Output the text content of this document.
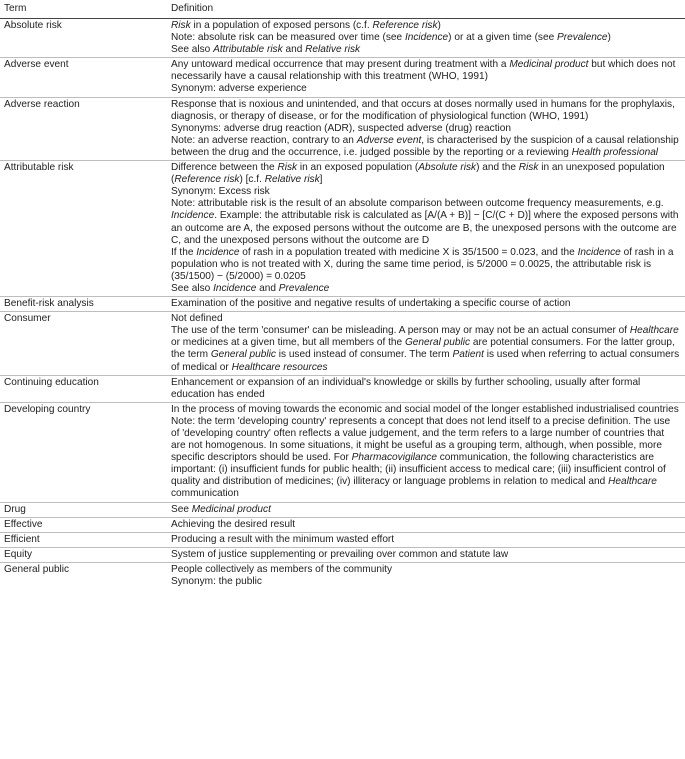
Term	Definition
Absolute risk	Risk in a population of exposed persons (c.f. Reference risk)
Note: absolute risk can be measured over time (see Incidence) or at a given time (see Prevalence)
See also Attributable risk and Relative risk

Adverse event	Any untoward medical occurrence that may present during treatment with a Medicinal product but which does not necessarily have a causal relationship with this treatment (WHO, 1991)
Synonym: adverse experience

Adverse reaction	Response that is noxious and unintended, and that occurs at doses normally used in humans for the prophylaxis, diagnosis, or therapy of disease, or for the modification of physiological function (WHO, 1991)
Synonyms: adverse drug reaction (ADR), suspected adverse (drug) reaction
Note: an adverse reaction, contrary to an Adverse event, is characterised by the suspicion of a causal relationship between the drug and the occurrence, i.e. judged possible by the reporting or a reviewing Health professional

Attributable risk	Difference between the Risk in an exposed population (Absolute risk) and the Risk in an unexposed population (Reference risk) [c.f. Relative risk]
Synonym: Excess risk
Note: attributable risk is the result of an absolute comparison between outcome frequency measurements, e.g. Incidence. Example: the attributable risk is calculated as [A/(A + B)] − [C/(C + D)] where the exposed persons with an outcome are A, the exposed persons without the outcome are B, the unexposed persons with the outcome are C, and the unexposed persons without the outcome are D
If the Incidence of rash in a population treated with medicine X is 35/1500 = 0.023, and the Incidence of rash in a population who is not treated with X, during the same time period, is 5/2000 = 0.0025, the attributable risk is (35/1500) − (5/2000) = 0.0205
See also Incidence and Prevalence

Benefit-risk analysis	Examination of the positive and negative results of undertaking a specific course of action

Consumer	Not defined
The use of the term 'consumer' can be misleading. A person may or may not be an actual consumer of Healthcare or medicines at a given time, but all members of the General public are potential consumers. For the latter group, the term General public is used instead of consumer. The term Patient is used when referring to actual consumers of medical or Healthcare resources

Continuing education	Enhancement or expansion of an individual's knowledge or skills by further schooling, usually after formal education has ended

Developing country	In the process of moving towards the economic and social model of the longer established industrialised countries
Note: the term 'developing country' represents a concept that does not lend itself to a precise definition. The use of 'developing country' often reflects a value judgement, and the term refers to a large number of countries that are not homogenous. In some situations, it might be useful as a grouping term, although, when possible, more specific descriptors should be used. For Pharmacovigilance communication, the following characteristics are important: (i) insufficient funds for public health; (ii) insufficient access to medical care; (iii) insufficient control of quality and distribution of medicines; (iv) illiteracy or language problems in relation to medical and Healthcare communication

Drug	See Medicinal product

Effective	Achieving the desired result

Efficient	Producing a result with the minimum wasted effort

Equity	System of justice supplementing or prevailing over common and statute law

General public	People collectively as members of the community
Synonym: the public
